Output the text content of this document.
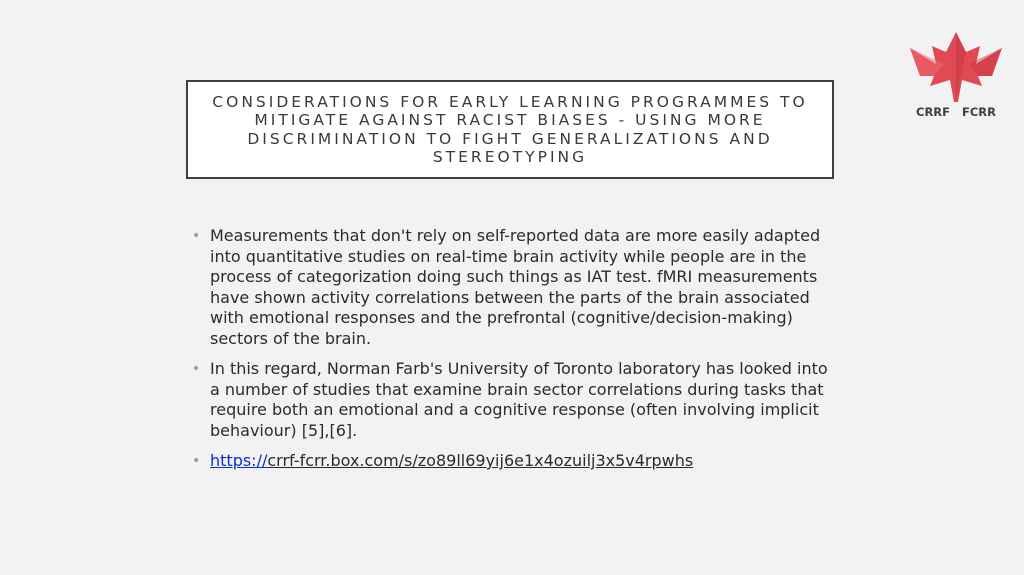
CRRF FCRR
CONSIDERATIONS FOR EARLY LEARNING PROGRAMMES TO MITIGATE AGAINST RACIST BIASES - USING MORE DISCRIMINATION TO FIGHT GENERALIZATIONS AND STEREOTYPING
• Measurements that don't rely on self-reported data are more easily adapted into quantitative studies on real-time brain activity while people are in the process of categorization doing such things as IAT test. fMRI measurements have shown activity correlations between the parts of the brain associated with emotional responses and the prefrontal (cognitive/decision-making) sectors of the brain.
• In this regard, Norman Farb's University of Toronto laboratory has looked into a number of studies that examine brain sector correlations during tasks that require both an emotional and a cognitive response (often involving implicit behaviour) [5],[6].
• https://crrf-fcrr.box.com/s/zo89ll69yij6e1x4ozuilj3x5v4rpwhs
